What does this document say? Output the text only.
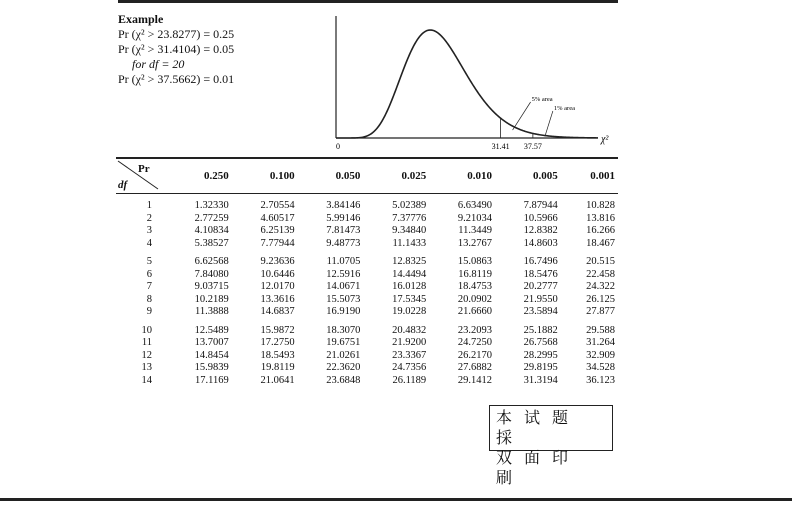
Example
Pr (χ² > 23.8277) = 0.25
Pr (χ² > 31.4104) = 0.05
for df = 20
Pr (χ² > 37.5662) = 0.01
0	31.41 37.57
χ²
5% area
1% area
Pr
df	0.250	0.100	0.050	0.025	0.010	0.005	0.001
1	1.32330	2.70554	3.84146	5.02389	6.63490	7.87944	10.828
2	2.77259	4.60517	5.99146	7.37776	9.21034	10.5966	13.816
3	4.10834	6.25139	7.81473	9.34840	11.3449	12.8382	16.266
4	5.38527	7.77944	9.48773	11.1433	13.2767	14.8603	18.467
5	6.62568	9.23636	11.0705	12.8325	15.0863	16.7496	20.515
6	7.84080	10.6446	12.5916	14.4494	16.8119	18.5476	22.458
7	9.03715	12.0170	14.0671	16.0128	18.4753	20.2777	24.322
8	10.2189	13.3616	15.5073	17.5345	20.0902	21.9550	26.125
9	11.3888	14.6837	16.9190	19.0228	21.6660	23.5894	27.877
10	12.5489	15.9872	18.3070	20.4832	23.2093	25.1882	29.588
11	13.7007	17.2750	19.6751	21.9200	24.7250	26.7568	31.264
12	14.8454	18.5493	21.0261	23.3367	26.2170	28.2995	32.909
13	15.9839	19.8119	22.3620	24.7356	27.6882	29.8195	34.528
14	17.1169	21.0641	23.6848	26.1189	29.1412	31.3194	36.123
本试题採
双面印刷
